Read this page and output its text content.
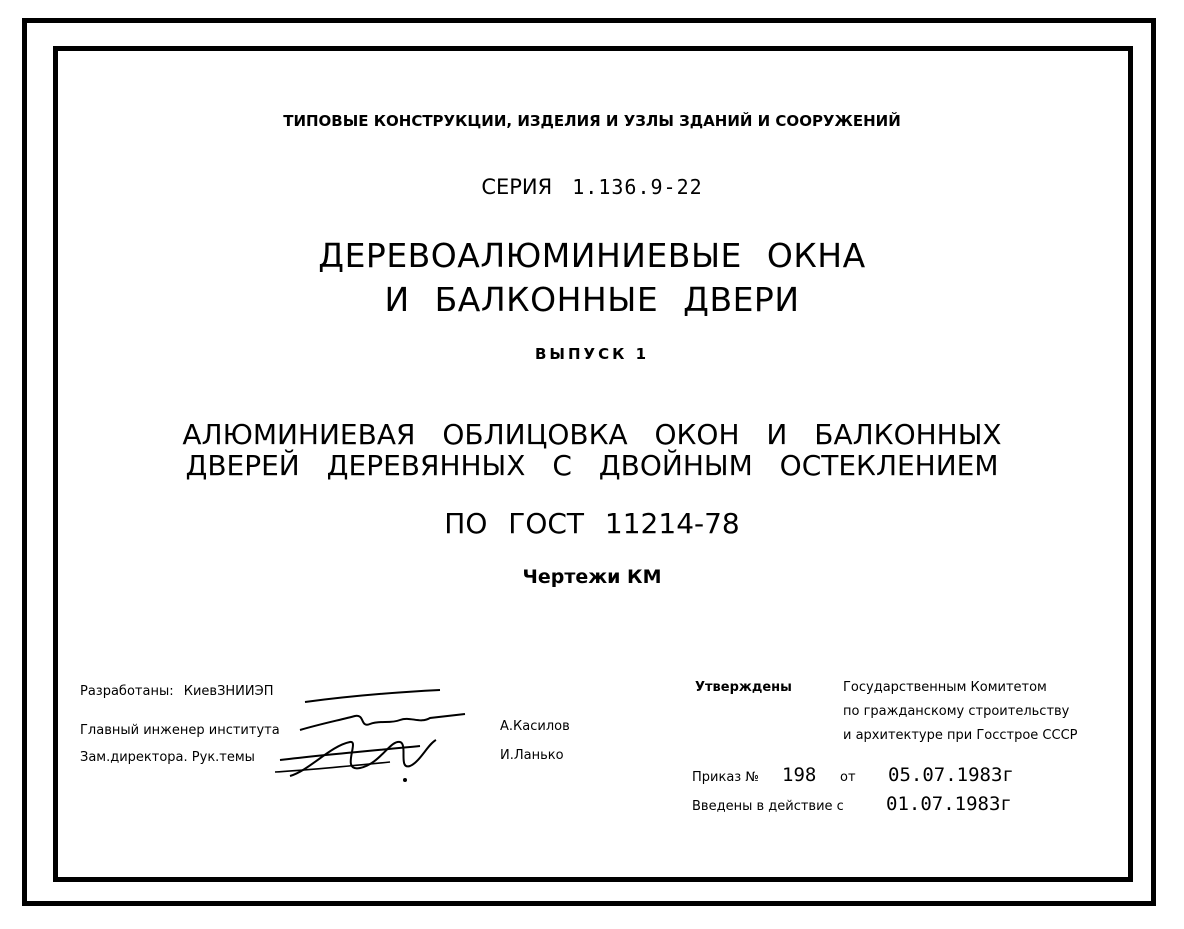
ТИПОВЫЕ КОНСТРУКЦИИ, ИЗДЕЛИЯ И УЗЛЫ ЗДАНИЙ И СООРУЖЕНИЙ
СЕРИЯ 1.136.9-22
ДЕРЕВОАЛЮМИНИЕВЫЕ ОКНА
И БАЛКОННЫЕ ДВЕРИ
ВЫПУСК 1
АЛЮМИНИЕВАЯ ОБЛИЦОВКА ОКОН И БАЛКОННЫХ
ДВЕРЕЙ ДЕРЕВЯННЫХ С ДВОЙНЫМ ОСТЕКЛЕНИЕМ
ПО ГОСТ 11214-78
Чертежи КМ
Разработаны: КиевЗНИИЭП
Главный инженер института	А.Касилов
Зам.директора. Рук.темы	И.Ланько
Утверждены	Государственным Комитетом
по гражданскому строительству
и архитектуре при Госстрое СССР
Приказ № 198 от 05.07.1983г
Введены в действие с 01.07.1983г
